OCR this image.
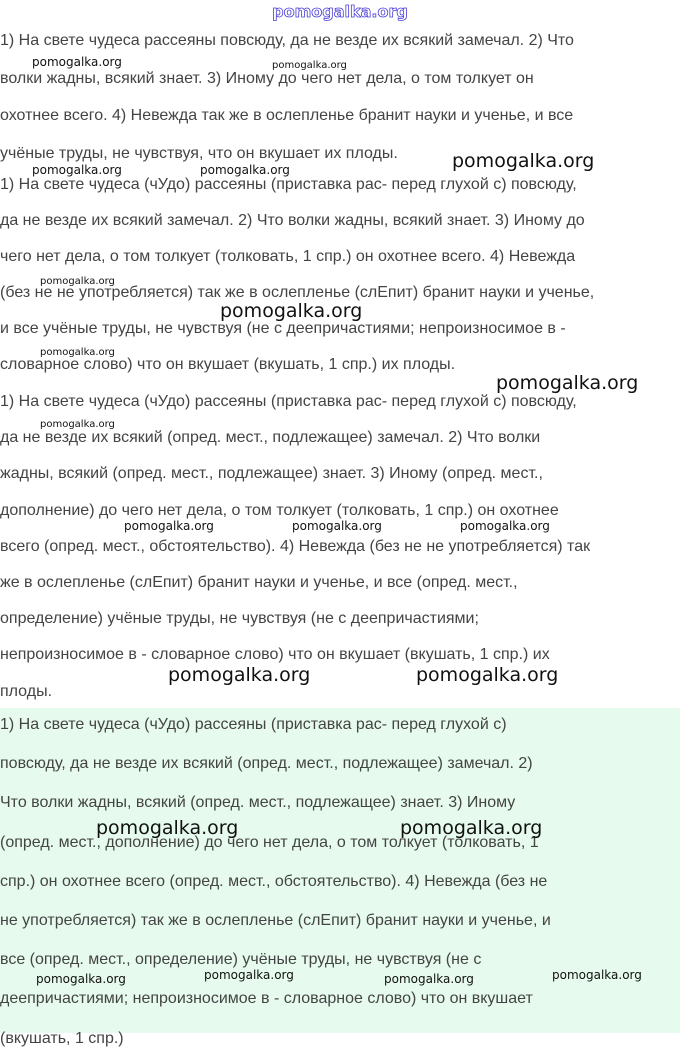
pomogalka.org
1) На свете чудеса рассеяны повсюду, да не везде их всякий замечал. 2) Что
волки жадны, всякий знает. 3) Иному до чего нет дела, о том толкует он
охотнее всего. 4) Невежда так же в ослепленье бранит науки и ученье, и все
учёные труды, не чувствуя, что он вкушает их плоды.
1) На свете чудеса (чУдо) рассеяны (приставка рас- перед глухой с) повсюду,
да не везде их всякий замечал. 2) Что волки жадны, всякий знает. 3) Иному до
чего нет дела, о том толкует (толковать, 1 спр.) он охотнее всего. 4) Невежда
(без не не употребляется) так же в ослепленье (слЕпит) бранит науки и ученье,
и все учёные труды, не чувствуя (не с деепричастиями; непроизносимое в -
словарное слово) что он вкушает (вкушать, 1 спр.) их плоды.
1) На свете чудеса (чУдо) рассеяны (приставка рас- перед глухой с) повсюду,
да не везде их всякий (опред. мест., подлежащее) замечал. 2) Что волки
жадны, всякий (опред. мест., подлежащее) знает. 3) Иному (опред. мест.,
дополнение) до чего нет дела, о том толкует (толковать, 1 спр.) он охотнее
всего (опред. мест., обстоятельство). 4) Невежда (без не не употребляется) так
же в ослепленье (слЕпит) бранит науки и ученье, и все (опред. мест.,
определение) учёные труды, не чувствуя (не с деепричастиями;
непроизносимое в - словарное слово) что он вкушает (вкушать, 1 спр.) их
плоды.
1) На свете чудеса (чУдо) рассеяны (приставка рас- перед глухой с)
повсюду, да не везде их всякий (опред. мест., подлежащее) замечал. 2)
Что волки жадны, всякий (опред. мест., подлежащее) знает. 3) Иному
(опред. мест., дополнение) до чего нет дела, о том толкует (толковать, 1
спр.) он охотнее всего (опред. мест., обстоятельство). 4) Невежда (без не
не употребляется) так же в ослепленье (слЕпит) бранит науки и ученье, и
все (опред. мест., определение) учёные труды, не чувствуя (не с
деепричастиями; непроизносимое в - словарное слово) что он вкушает
(вкушать, 1 спр.)
pomogalka.org	pomogalka.org
pomogalka.org
pomogalka.org	pomogalka.org
pomogalka.org
pomogalka.org
pomogalka.org
pomogalka.org
pomogalka.org
pomogalka.org	pomogalka.org	pomogalka.org
pomogalka.org	pomogalka.org
pomogalka.org	pomogalka.org
pomogalka.org	pomogalka.org	pomogalka.org	pomogalka.org
